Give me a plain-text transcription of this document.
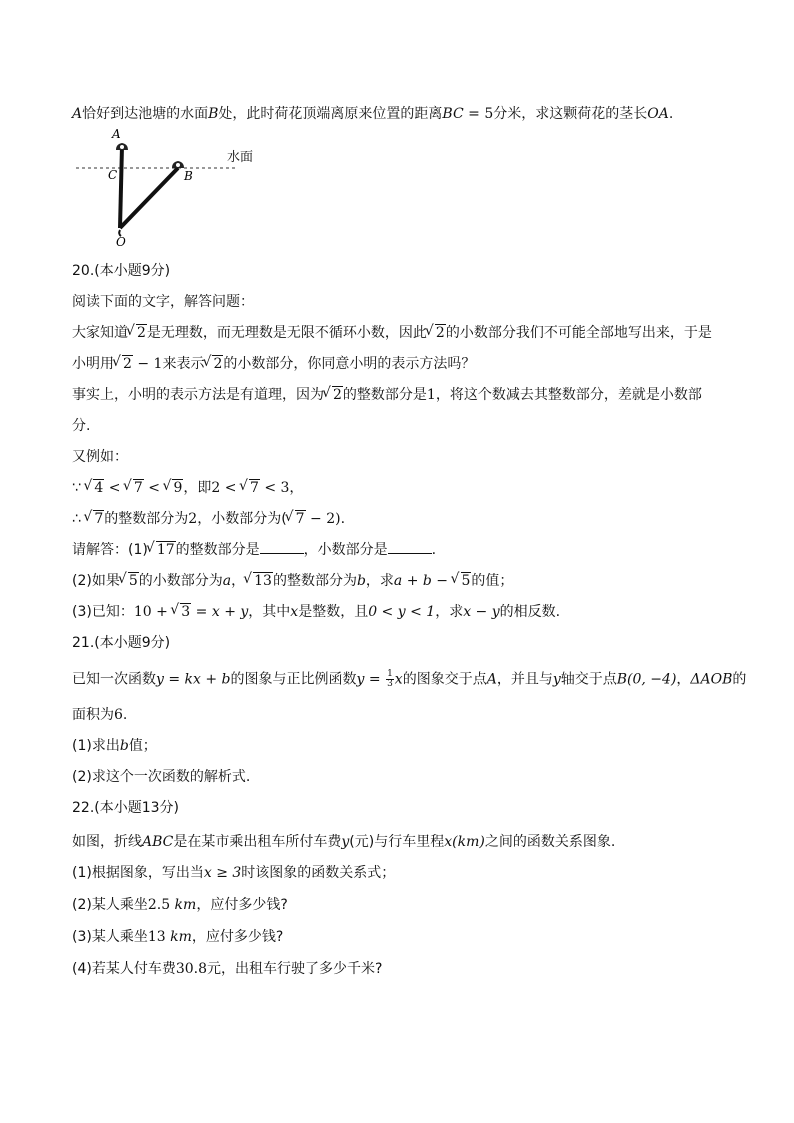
A恰好到达池塘的水面B处，此时荷花顶端离原来位置的距离BC = 5分米，求这颗荷花的茎长OA.
A
C	B
O
水面
20.(本小题9分)
阅读下面的文字，解答问题：
大家知道 √ 2是无理数，而无理数是无限不循环小数，因此 √ 2的小数部分我们不可能全部地写出来，于是
小明用 √ 2 − 1来表示 √ 2的小数部分，你同意小明的表示方法吗？
事实上，小明的表示方法是有道理，因为 √ 2的整数部分是1，将这个数减去其整数部分，差就是小数部
分.
又例如：
∵ √ 4 < √ 7 < √ 9，即2 < √ 7 < 3，
∴ √ 7的整数部分为2，小数部分为( √ 7 − 2).
请解答：(1) √ 17的整数部分是	，小数部分是	.
(2)如果 √ 5的小数部分为a， √ 13的整数部分为b，求a + b − √ 5的值；
(3)已知：10 + √ 3 = x + y，其中x是整数，且0 < y < 1，求x − y的相反数.
21.(本小题9分)
已知一次函数y = kx + b的图象与正比例函数$y = \frac{1}{3}$ x的图象交于点A，并且与y轴交于点B(0, −4)，ΔAOB的
面积为6.
(1)求出b值；
(2)求这个一次函数的解析式.
22.(本小题13分)
如图，折线ABC是在某市乘出租车所付车费y(元)与行车里程x(km)之间的函数关系图象.
(1)根据图象，写出当x ≥ 3时该图象的函数关系式；
(2)某人乘坐2.5 km，应付多少钱?
(3)某人乘坐13 km，应付多少钱?
(4)若某人付车费30.8元，出租车行驶了多少千米?
